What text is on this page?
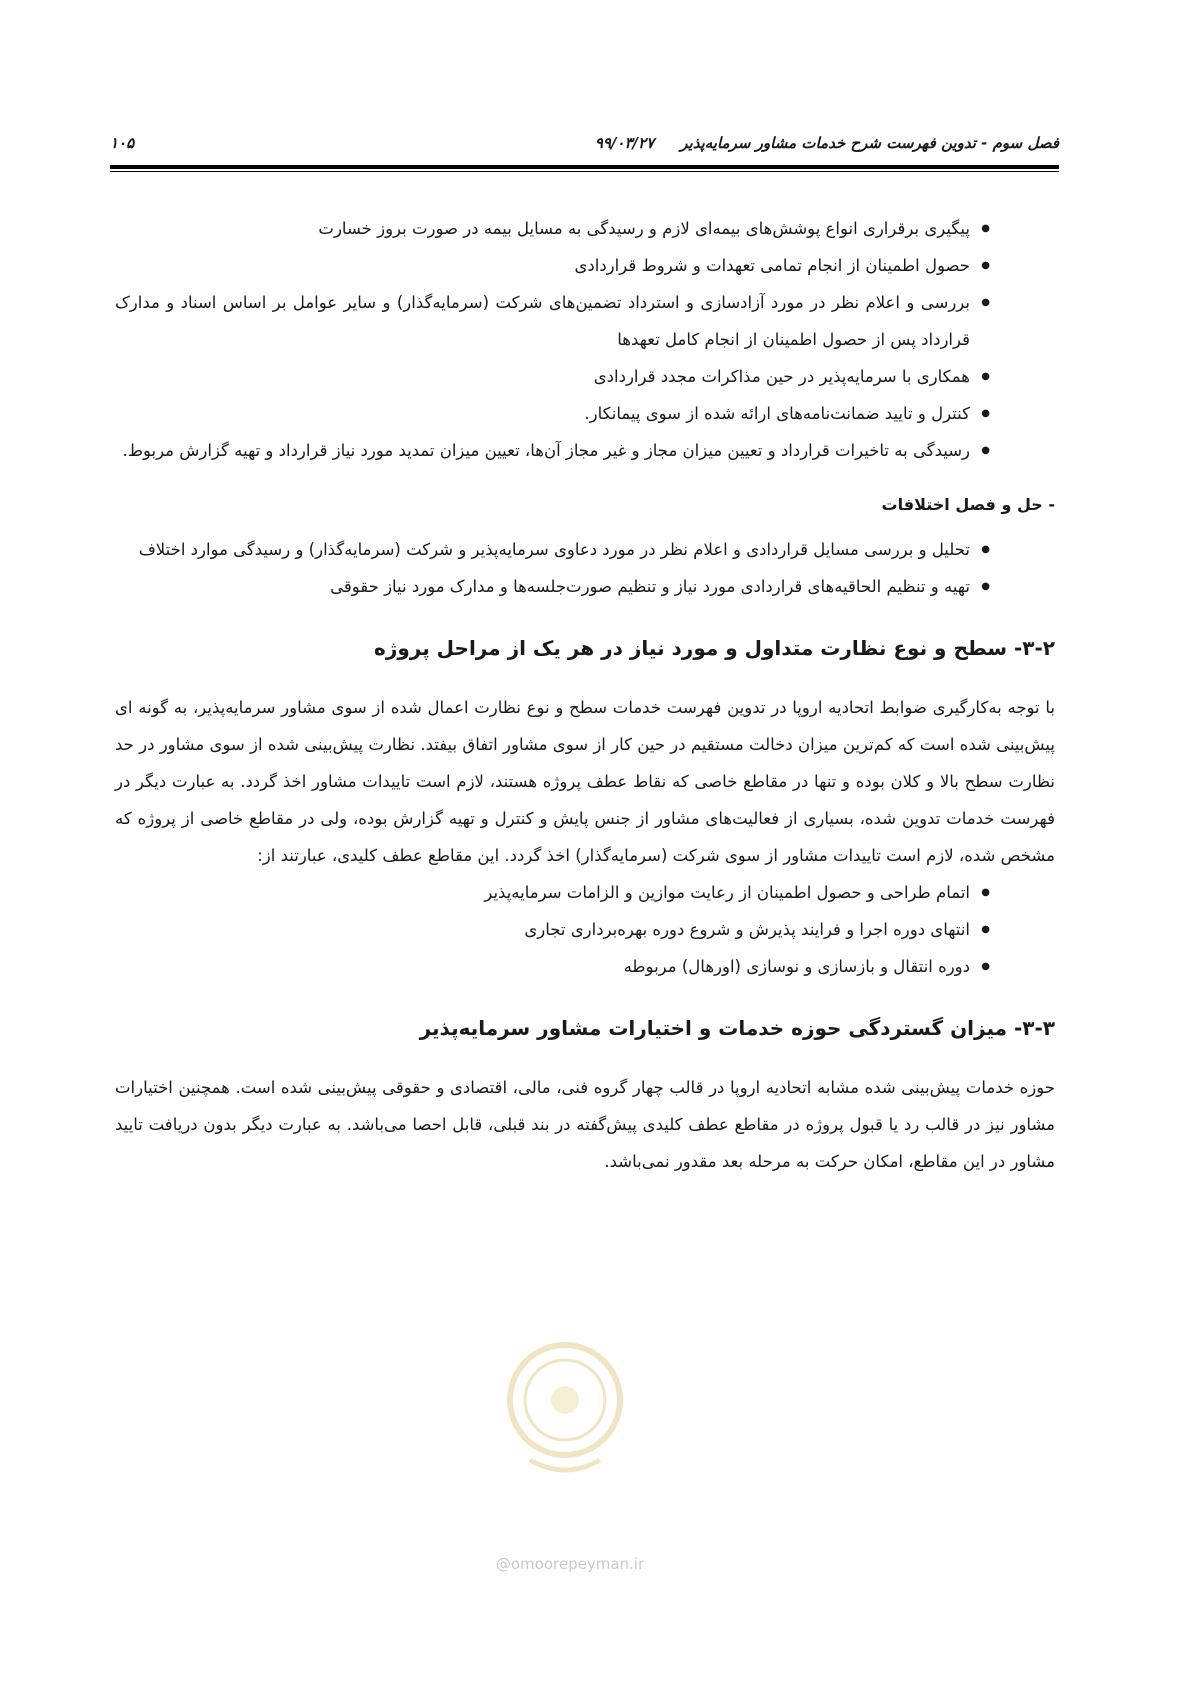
فصل سوم - تدوین فهرست شرح خدمات مشاور سرمایه‌پذیر     ۹۹/۰۳/۲۷
۱۰۵
● پیگیری برقراری انواع پوشش‌های بیمه‌ای لازم و رسیدگی به مسایل بیمه در صورت بروز خسارت
● حصول اطمینان از انجام تمامی تعهدات و شروط قراردادی
● بررسی و اعلام نظر در مورد آزادسازی و استرداد تضمین‌های شرکت (سرمایه‌گذار) و سایر عوامل بر اساس اسناد و مدارک قرارداد پس از حصول اطمینان از انجام کامل تعهدها
● همکاری با سرمایه‌پذیر در حین مذاکرات مجدد قراردادی
● کنترل و تایید ضمانت‌نامه‌های ارائه شده از سوی پیمانکار.
● رسیدگی به تاخیرات قرارداد و تعیین میزان مجاز و غیر مجاز آن‌ها، تعیین میزان تمدید مورد نیاز قرارداد و تهیه گزارش مربوط.
- حل و فصل اختلافات
● تحلیل و بررسی مسایل قراردادی و اعلام نظر در مورد دعاوی سرمایه‌پذیر و شرکت (سرمایه‌گذار) و رسیدگی موارد اختلاف
● تهیه و تنظیم الحاقیه‌های قراردادی مورد نیاز و تنظیم صورت‌جلسه‌ها و مدارک مورد نیاز حقوقی
۳-۲- سطح و نوع نظارت متداول و مورد نیاز در هر یک از مراحل پروژه

با توجه به‌کارگیری ضوابط اتحادیه اروپا در تدوین فهرست خدمات سطح و نوع نظارت اعمال شده از سوی مشاور سرمایه‌پذیر، به گونه ای پیش‌بینی شده است که کم‌ترین میزان دخالت مستقیم در حین کار از سوی مشاور اتفاق بیفتد. نظارت پیش‌بینی شده از سوی مشاور در حد نظارت سطح بالا و کلان بوده و تنها در مقاطع خاصی که نقاط عطف پروژه هستند، لازم است تاییدات مشاور اخذ گردد. به عبارت دیگر در فهرست خدمات تدوین شده، بسیاری از فعالیت‌های مشاور از جنس پایش و کنترل و تهیه گزارش بوده، ولی در مقاطع خاصی از پروژه که مشخص شده، لازم است تاییدات مشاور از سوی شرکت (سرمایه‌گذار) اخذ گردد. این مقاطع عطف کلیدی، عبارتند از:

● اتمام طراحی و حصول اطمینان از رعایت موازین و الزامات سرمایه‌پذیر
● انتهای دوره اجرا و فرایند پذیرش و شروع دوره بهره‌برداری تجاری
● دوره انتقال و بازسازی و نوسازی (اورهال) مربوطه
۳-۳- میزان گستردگی حوزه خدمات و اختیارات مشاور سرمایه‌پذیر

حوزه خدمات پیش‌بینی شده مشابه اتحادیه اروپا در قالب چهار گروه فنی، مالی، اقتصادی و حقوقی پیش‌بینی شده است. همچنین اختیارات مشاور نیز در قالب رد یا قبول پروژه در مقاطع عطف کلیدی پیش‌گفته در بند قبلی، قابل احصا می‌باشد. به عبارت دیگر بدون دریافت تایید مشاور در این مقاطع، امکان حرکت به مرحله بعد مقدور نمی‌باشد.

@omoorepeyman.ir
